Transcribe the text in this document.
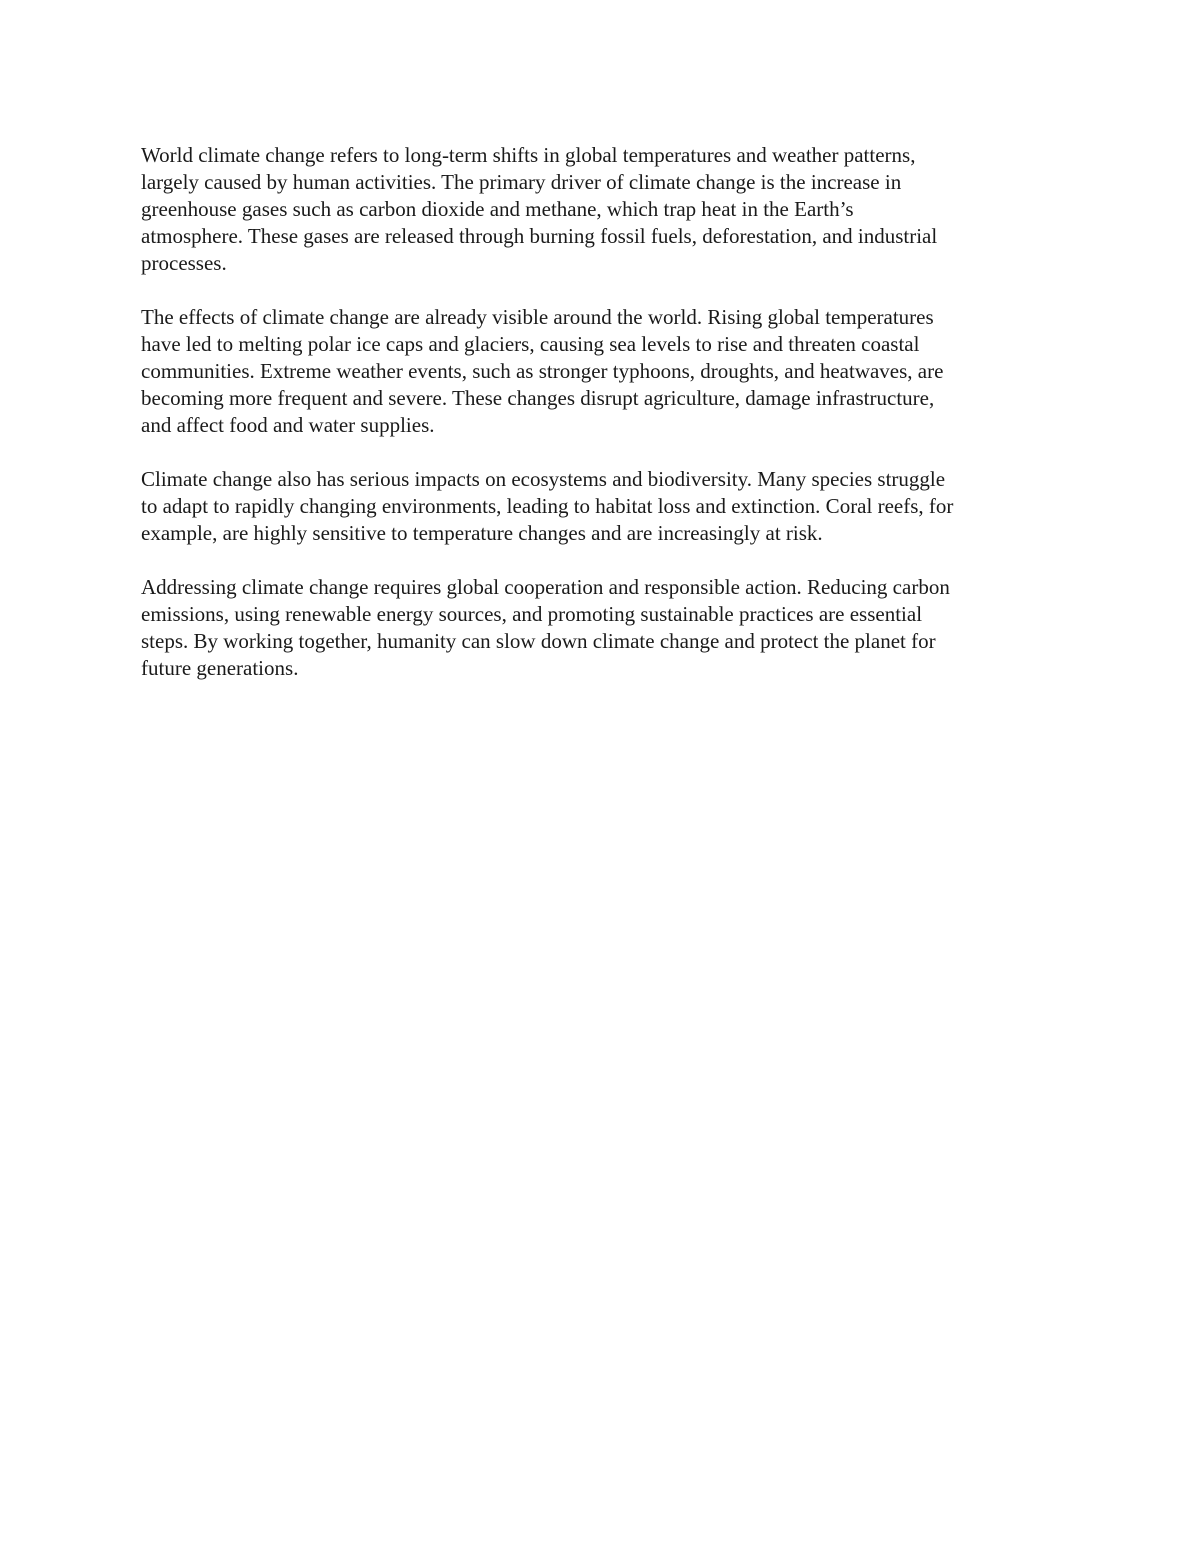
World climate change refers to long-term shifts in global temperatures and weather patterns,
largely caused by human activities. The primary driver of climate change is the increase in
greenhouse gases such as carbon dioxide and methane, which trap heat in the Earth’s
atmosphere. These gases are released through burning fossil fuels, deforestation, and industrial
processes.

The effects of climate change are already visible around the world. Rising global temperatures
have led to melting polar ice caps and glaciers, causing sea levels to rise and threaten coastal
communities. Extreme weather events, such as stronger typhoons, droughts, and heatwaves, are
becoming more frequent and severe. These changes disrupt agriculture, damage infrastructure,
and affect food and water supplies.

Climate change also has serious impacts on ecosystems and biodiversity. Many species struggle
to adapt to rapidly changing environments, leading to habitat loss and extinction. Coral reefs, for
example, are highly sensitive to temperature changes and are increasingly at risk.

Addressing climate change requires global cooperation and responsible action. Reducing carbon
emissions, using renewable energy sources, and promoting sustainable practices are essential
steps. By working together, humanity can slow down climate change and protect the planet for
future generations.
